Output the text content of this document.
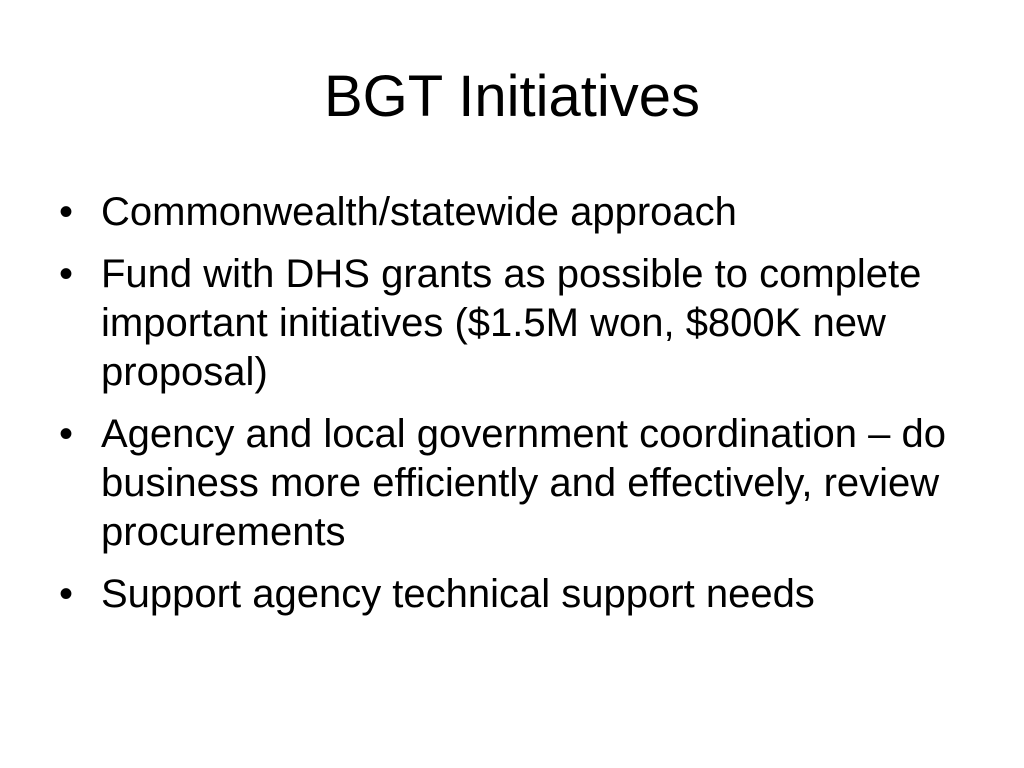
BGT Initiatives
• Commonwealth/statewide approach
• Fund with DHS grants as possible to complete important initiatives ($1.5M won, $800K new proposal)
• Agency and local government coordination – do business more efficiently and effectively, review procurements
• Support agency technical support needs
